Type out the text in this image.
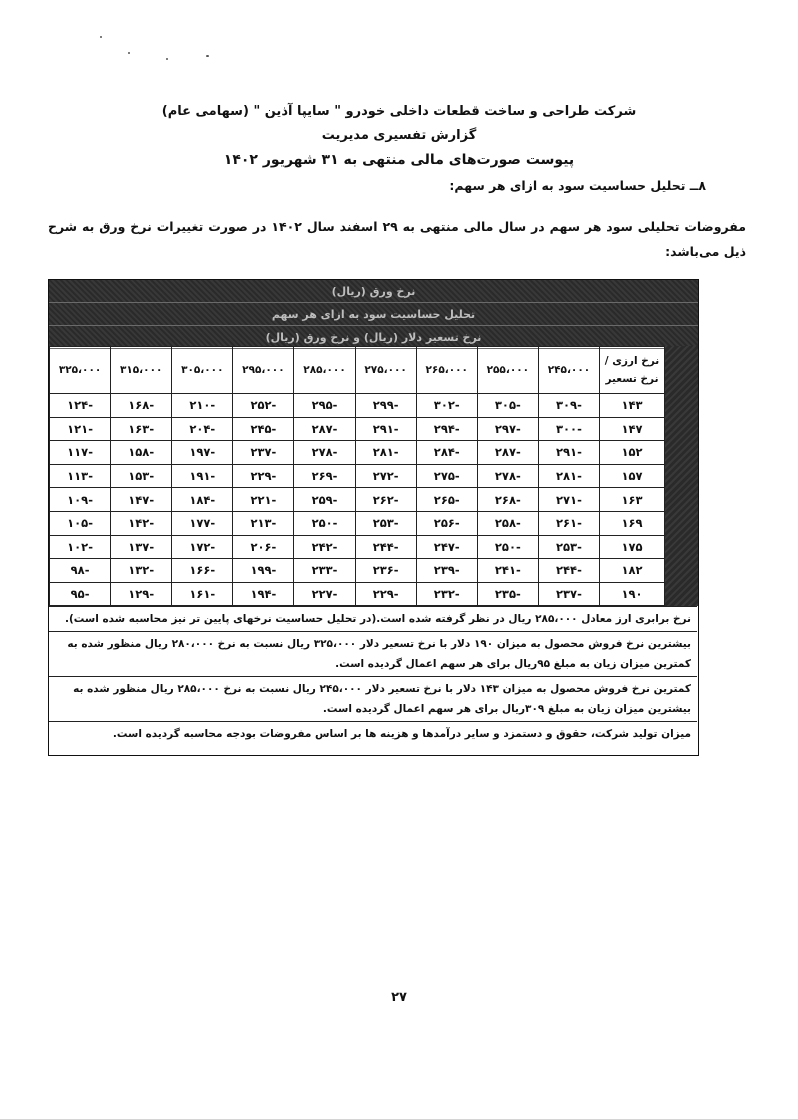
شرکت طراحی و ساخت قطعات داخلی خودرو " سایپا آذین " (سهامی عام)
گزارش تفسیری مدیریت
پیوست صورت‌های مالی منتهی به ۳۱ شهریور ۱۴۰۲
۸ــ تحلیل حساسیت سود به ازای هر سهم:
مفروضات تحلیلی سود هر سهم در سال مالی منتهی به ۲۹ اسفند سال ۱۴۰۲ در صورت تغییرات نرخ ورق به شرح ذیل می‌باشد:
نرخ ورق (ریال)
تحلیل حساسیت سود به ازای هر سهم
نرخ تسعیر دلار (ریال) و نرخ ورق (ریال)
نرخ ارزی /
نرخ تسعیر	۲۴۵،۰۰۰	۲۵۵،۰۰۰	۲۶۵،۰۰۰	۲۷۵،۰۰۰	۲۸۵،۰۰۰	۲۹۵،۰۰۰	۳۰۵،۰۰۰	۳۱۵،۰۰۰	۳۲۵،۰۰۰
۱۴۳	-۳۰۹	-۳۰۵	-۳۰۲	-۲۹۹	-۲۹۵	-۲۵۲	-۲۱۰	-۱۶۸	-۱۲۴
۱۴۷	-۳۰۰	-۲۹۷	-۲۹۴	-۲۹۱	-۲۸۷	-۲۴۵	-۲۰۴	-۱۶۳	-۱۲۱
۱۵۲	-۲۹۱	-۲۸۷	-۲۸۴	-۲۸۱	-۲۷۸	-۲۳۷	-۱۹۷	-۱۵۸	-۱۱۷
۱۵۷	-۲۸۱	-۲۷۸	-۲۷۵	-۲۷۲	-۲۶۹	-۲۲۹	-۱۹۱	-۱۵۳	-۱۱۳
۱۶۳	-۲۷۱	-۲۶۸	-۲۶۵	-۲۶۲	-۲۵۹	-۲۲۱	-۱۸۴	-۱۴۷	-۱۰۹
۱۶۹	-۲۶۱	-۲۵۸	-۲۵۶	-۲۵۳	-۲۵۰	-۲۱۳	-۱۷۷	-۱۴۲	-۱۰۵
۱۷۵	-۲۵۳	-۲۵۰	-۲۴۷	-۲۴۴	-۲۴۲	-۲۰۶	-۱۷۲	-۱۳۷	-۱۰۲
۱۸۲	-۲۴۴	-۲۴۱	-۲۳۹	-۲۳۶	-۲۳۳	-۱۹۹	-۱۶۶	-۱۳۲	-۹۸
۱۹۰	-۲۳۷	-۲۳۵	-۲۳۲	-۲۲۹	-۲۲۷	-۱۹۴	-۱۶۱	-۱۲۹	-۹۵
نرخ برابری ارز معادل ۲۸۵،۰۰۰ ریال در نظر گرفته شده است.(در تحلیل حساسیت نرخهای پایین تر نیز محاسبه شده است).
بیشترین نرخ فروش محصول به میزان ۱۹۰ دلار با نرخ تسعیر دلار ۳۲۵،۰۰۰ ریال نسبت به نرخ ۲۸۰،۰۰۰ ریال منظور شده به کمترین میزان زیان به مبلغ ۹۵ریال برای هر سهم اعمال گردیده است.
کمترین نرخ فروش محصول به میزان ۱۴۳ دلار با نرخ تسعیر دلار ۲۴۵،۰۰۰ ریال نسبت به نرخ ۲۸۵،۰۰۰ ریال منظور شده به بیشترین میزان زیان به مبلغ ۳۰۹ریال برای هر سهم اعمال گردیده است.
میزان تولید شرکت، حقوق و دستمزد و سایر درآمدها و هزینه ها بر اساس مفروضات بودجه محاسبه گردیده است.
۲۷
